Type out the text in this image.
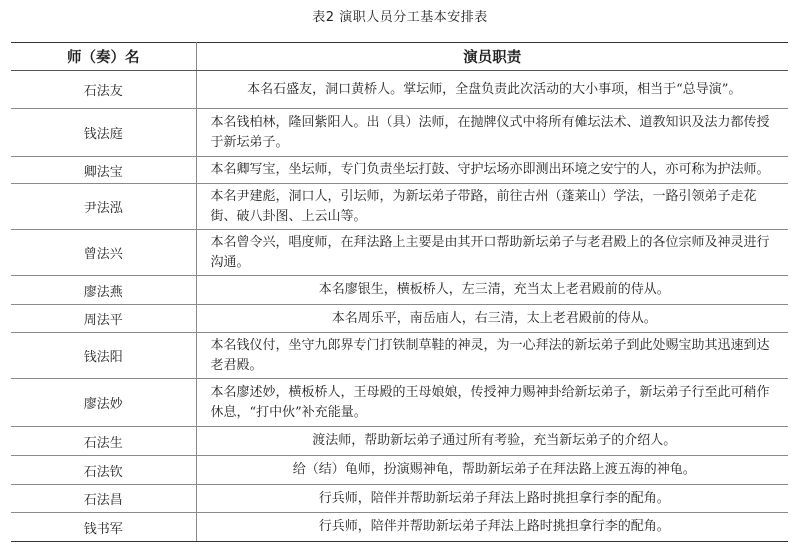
表2 演职人员分工基本安排表
师（奏）名	演员职责
石法友	本名石盛友，洞口黄桥人。掌坛师，全盘负责此次活动的大小事项，相当于“总导演”。
钱法庭	本名钱柏林，隆回紫阳人。出（具）法师，在抛牌仪式中将所有傩坛法术、道教知识及法力都传授于新坛弟子。
卿法宝	本名卿写宝，坐坛师，专门负责坐坛打鼓、守护坛场亦即测出环境之安宁的人，亦可称为护法师。
尹法泓	本名尹建彪，洞口人，引坛师，为新坛弟子带路，前往古州（蓬莱山）学法，一路引领弟子走花街、破八卦图、上云山等。
曾法兴	本名曾令兴，唱度师，在拜法路上主要是由其开口帮助新坛弟子与老君殿上的各位宗师及神灵进行沟通。
廖法燕	本名廖银生，横板桥人，左三清，充当太上老君殿前的侍从。
周法平	本名周乐平，南岳庙人，右三清，太上老君殿前的侍从。
钱法阳	本名钱仪付，坐守九郎界专门打铁制草鞋的神灵，为一心拜法的新坛弟子到此处赐宝助其迅速到达老君殿。
廖法妙	本名廖述妙，横板桥人，王母殿的王母娘娘，传授神力赐神卦给新坛弟子，新坛弟子行至此可稍作休息，“打中伙”补充能量。
石法生	渡法师，帮助新坛弟子通过所有考验，充当新坛弟子的介绍人。
石法钦	给（结）龟师，扮演赐神龟，帮助新坛弟子在拜法路上渡五海的神龟。
石法昌	行兵师，陪伴并帮助新坛弟子拜法上路时挑担拿行李的配角。
钱书军	行兵师，陪伴并帮助新坛弟子拜法上路时挑担拿行李的配角。
